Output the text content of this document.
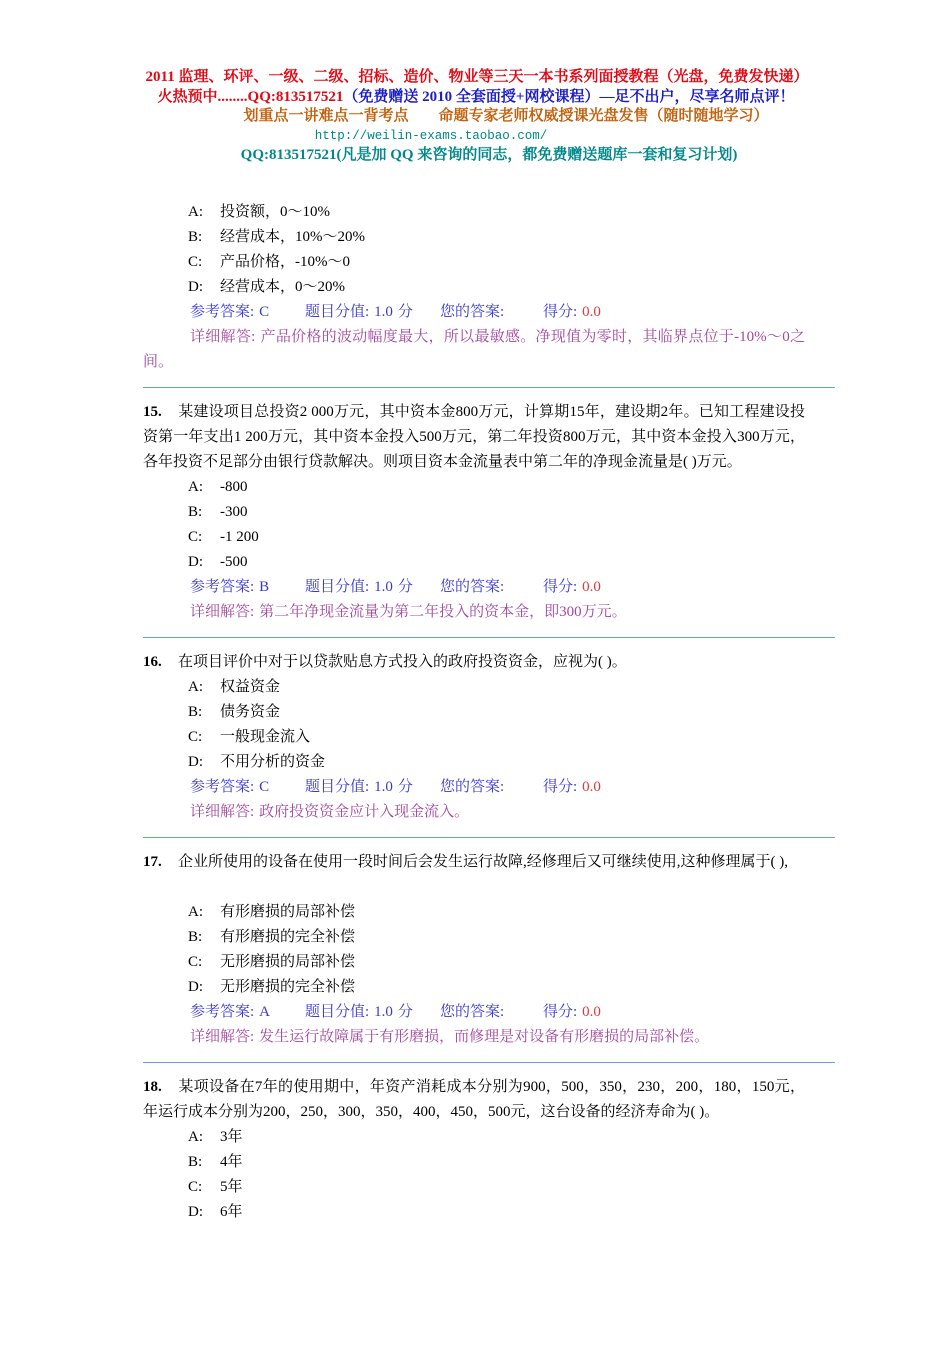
2011 监理、环评、一级、二级、招标、造价、物业等三天一本书系列面授教程（光盘，免费发快递）
火热预中........QQ:813517521（免费赠送 2010 全套面授+网校课程）—足不出户，尽享名师点评！
划重点一讲难点一背考点 命题专家老师权威授课光盘发售（随时随地学习）
http://weilin-exams.taobao.com/
QQ:813517521(凡是加 QQ 来咨询的同志，都免费赠送题库一套和复习计划)
A: 投资额，0～10%
B: 经营成本，10%～20%
C: 产品价格，-10%～0
D: 经营成本，0～20%
参考答案: C	题目分值: 1.0 分	您的答案:	得分: 0.0

详细解答: 产品价格的波动幅度最大，所以最敏感。净现值为零时，其临界点位于-10%～0之间。

15. 某建设项目总投资2 000万元，其中资本金800万元，计算期15年，建设期2年。已知工程建设投资第一年支出1 200万元，其中资本金投入500万元，第二年投资800万元，其中资本金投入300万元，各年投资不足部分由银行贷款解决。则项目资本金流量表中第二年的净现金流量是( )万元。

A: -800
B: -300
C: -1 200
D: -500
参考答案: B	题目分值: 1.0 分	您的答案:	得分: 0.0

详细解答: 第二年净现金流量为第二年投入的资本金，即300万元。

16. 在项目评价中对于以贷款贴息方式投入的政府投资资金，应视为( )。

A: 权益资金
B: 债务资金
C: 一般现金流入
D: 不用分析的资金
参考答案: C	题目分值: 1.0 分	您的答案:	得分: 0.0

详细解答: 政府投资资金应计入现金流入。

17. 企业所使用的设备在使用一段时间后会发生运行故障,经修理后又可继续使用,这种修理属于( ),

A: 有形磨损的局部补偿
B: 有形磨损的完全补偿
C: 无形磨损的局部补偿
D: 无形磨损的完全补偿
参考答案: A	题目分值: 1.0 分	您的答案:	得分: 0.0

详细解答: 发生运行故障属于有形磨损，而修理是对设备有形磨损的局部补偿。

18. 某项设备在7年的使用期中，年资产消耗成本分别为900，500，350，230，200，180，150元，年运行成本分别为200，250，300，350，400，450，500元，这台设备的经济寿命为( )。

A: 3年
B: 4年
C: 5年
D: 6年
